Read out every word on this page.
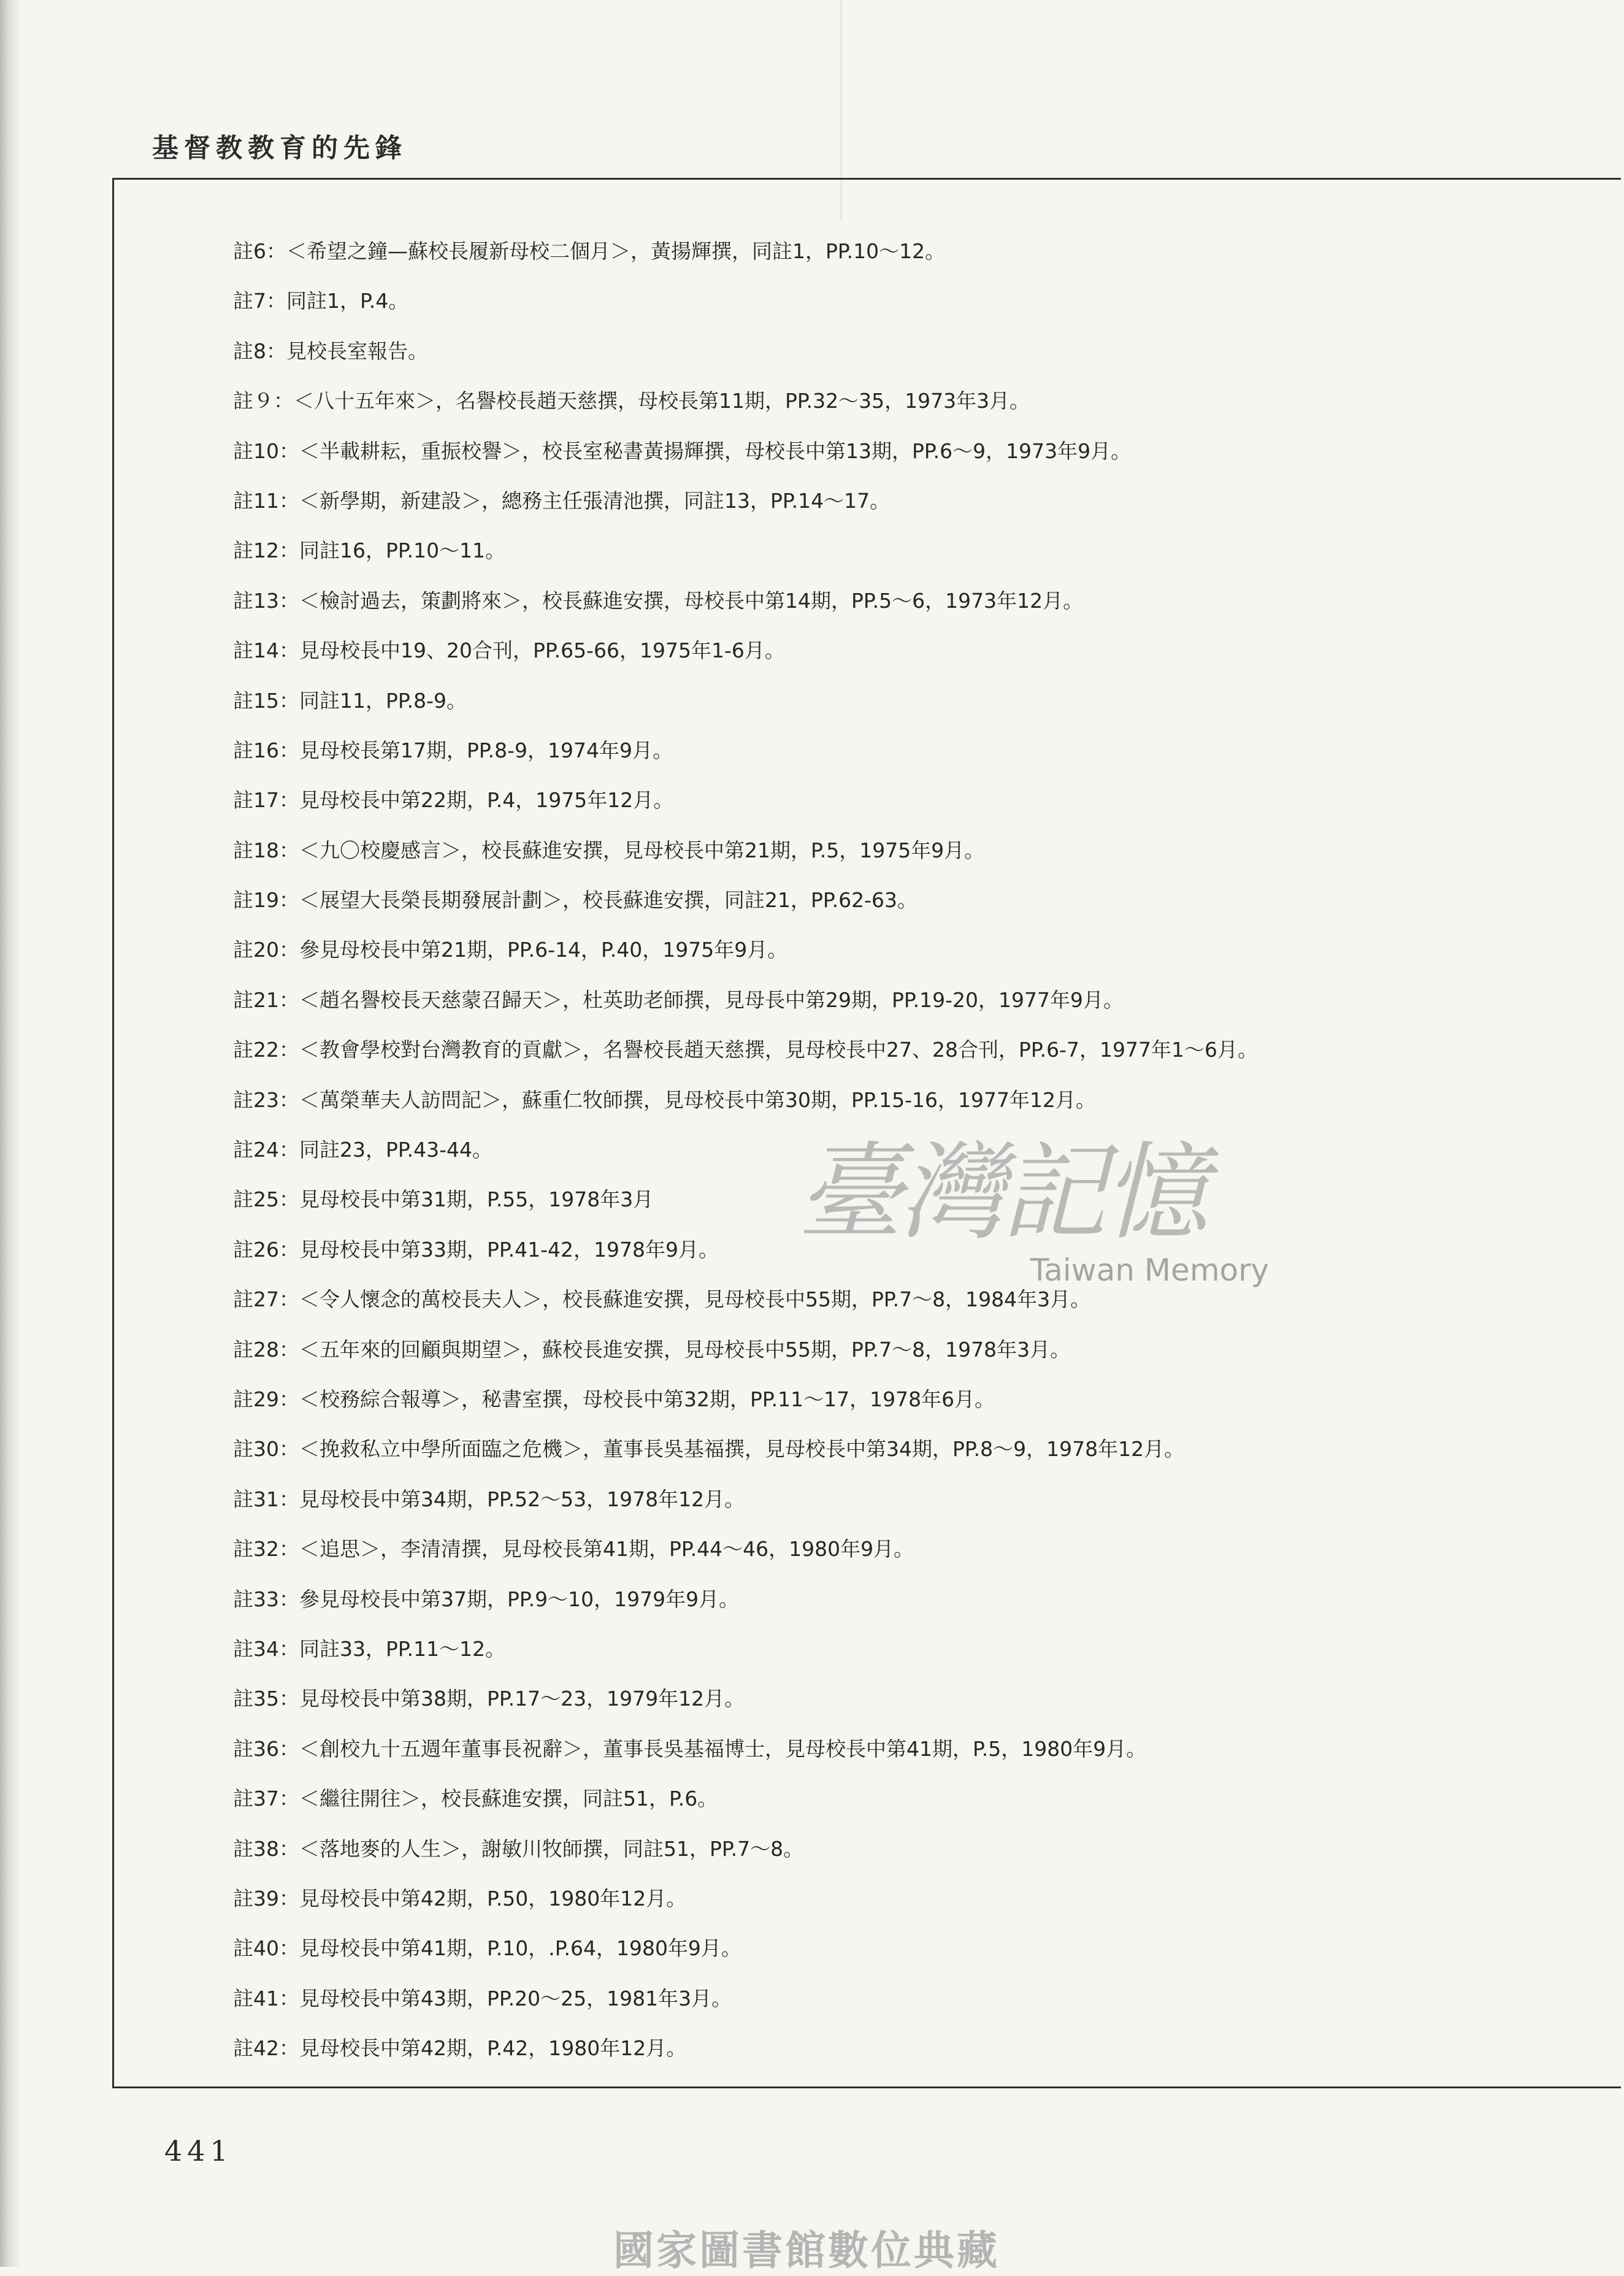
基督教教育的先鋒
註6：＜希望之鐘—蘇校長履新母校二個月＞，黃揚輝撰，同註1，PP.10～12。
註7：同註1，P.4。
註8：見校長室報告。
註９：＜八十五年來＞，名譽校長趙天慈撰，母校長第11期，PP.32～35，1973年3月。
註10：＜半載耕耘，重振校譽＞，校長室秘書黃揚輝撰，母校長中第13期，PP.6～9，1973年9月。
註11：＜新學期，新建設＞，總務主任張清池撰，同註13，PP.14～17。
註12：同註16，PP.10～11。
註13：＜檢討過去，策劃將來＞，校長蘇進安撰，母校長中第14期，PP.5～6，1973年12月。
註14：見母校長中19、20合刊，PP.65-66，1975年1-6月。
註15：同註11，PP.8-9。
註16：見母校長第17期，PP.8-9，1974年9月。
註17：見母校長中第22期，P.4，1975年12月。
註18：＜九〇校慶感言＞，校長蘇進安撰，見母校長中第21期，P.5，1975年9月。
註19：＜展望大長榮長期發展計劃＞，校長蘇進安撰，同註21，PP.62-63。
註20：參見母校長中第21期，PP.6-14，P.40，1975年9月。
註21：＜趙名譽校長天慈蒙召歸天＞，杜英助老師撰，見母長中第29期，PP.19-20，1977年9月。
註22：＜教會學校對台灣教育的貢獻＞，名譽校長趙天慈撰，見母校長中27、28合刊，PP.6-7，1977年1～6月。
註23：＜萬榮華夫人訪問記＞，蘇重仁牧師撰，見母校長中第30期，PP.15-16，1977年12月。
註24：同註23，PP.43-44。
註25：見母校長中第31期，P.55，1978年3月
註26：見母校長中第33期，PP.41-42，1978年9月。
註27：＜令人懷念的萬校長夫人＞，校長蘇進安撰，見母校長中55期，PP.7～8，1984年3月。
註28：＜五年來的回顧與期望＞，蘇校長進安撰，見母校長中55期，PP.7～8，1978年3月。
註29：＜校務綜合報導＞，秘書室撰，母校長中第32期，PP.11～17，1978年6月。
註30：＜挽救私立中學所面臨之危機＞，董事長吳基福撰，見母校長中第34期，PP.8～9，1978年12月。
註31：見母校長中第34期，PP.52～53，1978年12月。
註32：＜追思＞，李清清撰，見母校長第41期，PP.44～46，1980年9月。
註33：參見母校長中第37期，PP.9～10，1979年9月。
註34：同註33，PP.11～12。
註35：見母校長中第38期，PP.17～23，1979年12月。
註36：＜創校九十五週年董事長祝辭＞，董事長吳基福博士，見母校長中第41期，P.5，1980年9月。
註37：＜繼往開往＞，校長蘇進安撰，同註51，P.6。
註38：＜落地麥的人生＞，謝敏川牧師撰，同註51，PP.7～8。
註39：見母校長中第42期，P.50，1980年12月。
註40：見母校長中第41期，P.10，.P.64，1980年9月。
註41：見母校長中第43期，PP.20～25，1981年3月。
註42：見母校長中第42期，P.42，1980年12月。
臺灣記憶
Taiwan Memory
441
國家圖書館數位典藏
